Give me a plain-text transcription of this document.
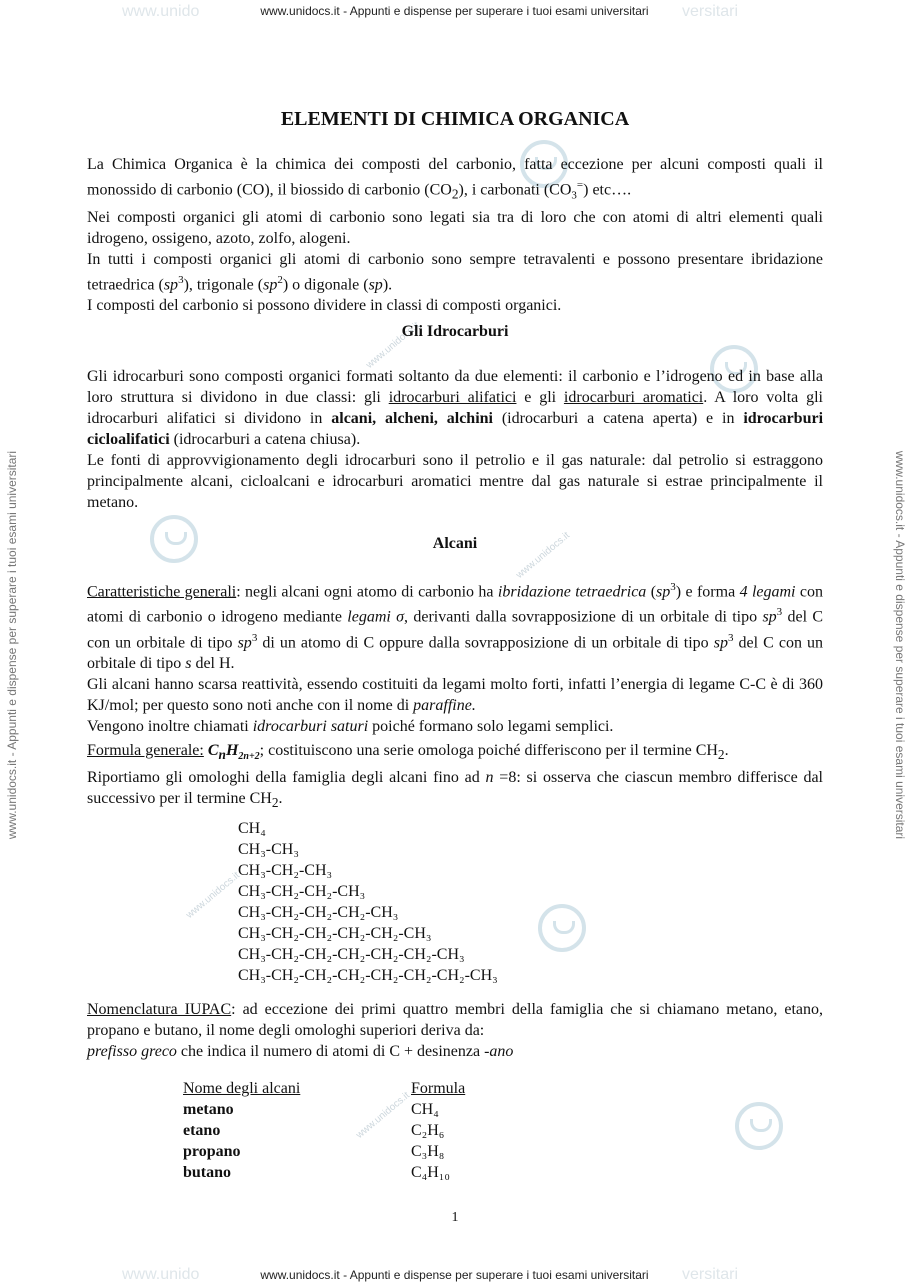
www.unidocs.it - Appunti e dispense per superare i tuoi esami universitari
www.unidocs.it - Appunti e dispense per superare i tuoi esami universitari
www.unido	versitari
www.unido	versitari
www.unidocs.it - Appunti e dispense per superare i tuoi esami universitari	www.unidocs.it - Appunti e dispense per superare i tuoi esami universitari
www.unidocs.it
www.unidocs.it
www.unidocs.it
www.unidocs.it
ELEMENTI DI CHIMICA ORGANICA

La Chimica Organica è la chimica dei composti del carbonio, fatta eccezione per alcuni composti quali il monossido di carbonio (CO), il biossido di carbonio $(CO_2)$, i carbonati $(CO_3^=)$ etc….

Nei composti organici gli atomi di carbonio sono legati sia tra di loro che con atomi di altri elementi quali idrogeno, ossigeno, azoto, zolfo, alogeni.

In tutti i composti organici gli atomi di carbonio sono sempre tetravalenti e possono presentare ibridazione tetraedrica $(sp^3)$, trigonale $(sp^2)$ o digonale (sp).

I composti del carbonio si possono dividere in classi di composti organici.

Gli Idrocarburi

Gli idrocarburi sono composti organici formati soltanto da due elementi: il carbonio e l’idrogeno ed in base alla loro struttura si dividono in due classi: gli idrocarburi alifatici e gli idrocarburi aromatici. A loro volta gli idrocarburi alifatici si dividono in alcani, alcheni, alchini (idrocarburi a catena aperta) e in idrocarburi cicloalifatici (idrocarburi a catena chiusa).

Le fonti di approvvigionamento degli idrocarburi sono il petrolio e il gas naturale: dal petrolio si estraggono principalmente alcani, cicloalcani e idrocarburi aromatici mentre dal gas naturale si estrae principalmente il metano.

Alcani

Caratteristiche generali: negli alcani ogni atomo di carbonio ha ibridazione tetraedrica $(sp^3)$ e forma 4 legami con atomi di carbonio o idrogeno mediante legami σ, derivanti dalla sovrapposizione di un orbitale di tipo $sp^3$ del C con un orbitale di tipo $sp^3$ di un atomo di C oppure dalla sovrapposizione di un orbitale di tipo $sp^3$ del C con un orbitale di tipo s del H.

Gli alcani hanno scarsa reattività, essendo costituiti da legami molto forti, infatti l’energia di legame C-C è di 360 KJ/mol; per questo sono noti anche con il nome di paraffine.

Vengono inoltre chiamati idrocarburi saturi poiché formano solo legami semplici.

Formula generale: $C_nH_{2n+2}$; costituiscono una serie omologa poiché differiscono per il termine $CH_2$.

Riportiamo gli omologhi della famiglia degli alcani fino ad n =8: si osserva che ciascun membro differisce dal successivo per il termine $CH_2$.

CH₄
CH₃-CH₃
CH₃-CH₂-CH₃
CH₃-CH₂-CH₂-CH₃
CH₃-CH₂-CH₂-CH₂-CH₃
CH₃-CH₂-CH₂-CH₂-CH₂-CH₃
CH₃-CH₂-CH₂-CH₂-CH₂-CH₂-CH₃
CH₃-CH₂-CH₂-CH₂-CH₂-CH₂-CH₂-CH₃

Nomenclatura IUPAC: ad eccezione dei primi quattro membri della famiglia che si chiamano metano, etano, propano e butano, il nome degli omologhi superiori deriva da:

prefisso greco che indica il numero di atomi di C + desinenza -ano

Nome degli alcani	Formula
metano	CH₄
etano	C₂H₆
propano	C₃H₈
butano	C₄H₁₀
1
